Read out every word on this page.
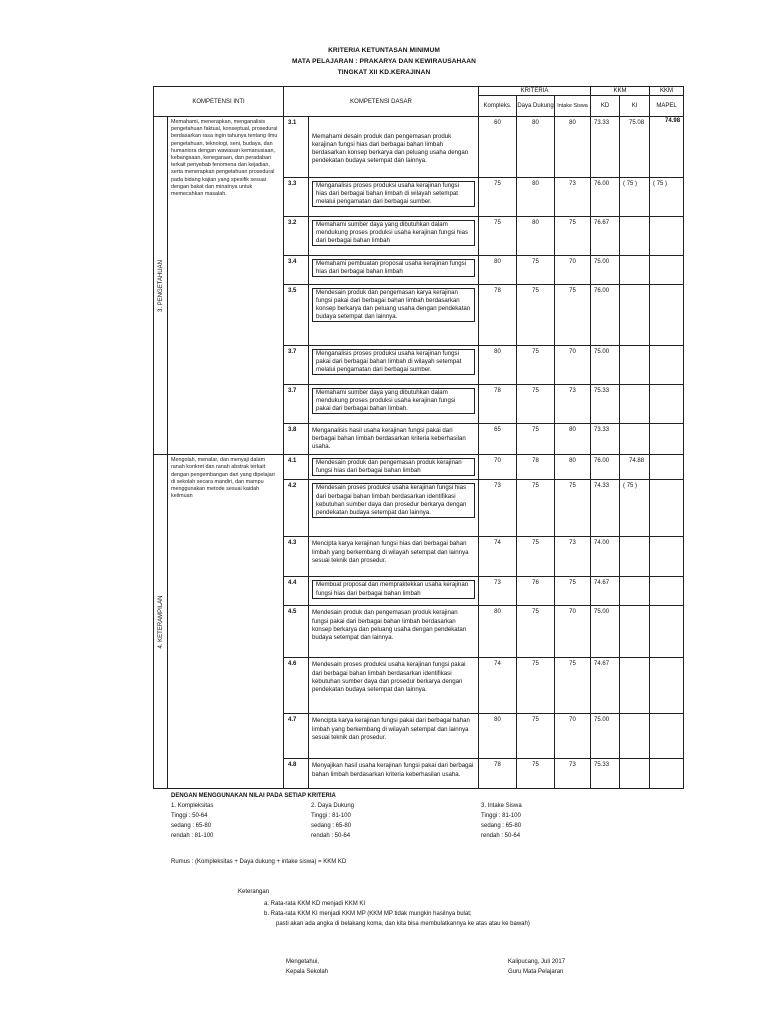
KRITERIA KETUNTASAN MINIMUM
MATA PELAJARAN : PRAKARYA DAN KEWIRAUSAHAAN
TINGKAT XII KD.KERAJINAN
KOMPETENSI INTI		KOMPETENSI DASAR		KRITERIA			KKM		KKM
				Kompleks.	Daya Dukung	Intake Siswa	KD	KI	MAPEL

3. PENGETAHUAN	Memahami, menerapkan, menganalisis pengetahuan faktual, konseptual, prosedural berdasarkan rasa ingin tahunya tentang ilmu pengetahuan, teknologi, seni, budaya, dan humaniora dengan wawasan kemanusiaan, kebangsaan, kenegaraan, dan peradaban terkait penyebab fenomena dan kejadian, serta menerapkan pengetahuan prosedural pada bidang kajian yang spesifik sesuai dengan bakat dan minatnya untuk memecahkan masalah.	3.1	Memahami desain produk dan pengemasan produk kerajinan fungsi hias dari berbagai bahan limbah berdasarkan konsep berkarya dan peluang usaha dengan pendekatan budaya setempat dan lainnya.	60	80	80	73.33	75.08	74.98
		3.3	Menganalisis proses produksi usaha kerajinan fungsi hias dari berbagai bahan limbah di wilayah setempat melalui pengamatan dari berbagai sumber.	75	80	73	76.00	( 75 )	( 75 )
		3.2	Memahami sumber daya yang dibutuhkan dalam mendukung proses produksi usaha kerajinan fungsi hias dari berbagai bahan limbah	75	80	75	76.67		
		3.4	Memahami pembuatan proposal usaha kerajinan fungsi hias dari berbagai bahan limbah	80	75	70	75.00		
		3.5	Mendesain produk dan pengemasan karya kerajinan fungsi pakai dari berbagai bahan limbah berdasarkan konsep berkarya dan peluang usaha dengan pendekatan budaya setempat dan lainnya.	78	75	75	76.00		
		3.7	Menganalisis proses produksi usaha kerajinan fungsi pakai dari berbagai bahan limbah di wilayah setempat melalui pengamatan dari berbagai sumber.	80	75	70	75.00		
		3.7	Memahami sumber daya yang dibutuhkan dalam mendukung proses produksi usaha kerajinan fungsi pakai dari berbagai bahan limbah.	78	75	73	75.33		
		3.8	Menganalisis hasil usaha kerajinan fungsi pakai dari berbagai bahan limbah berdasarkan kriteria keberhasilan usaha.	65	75	80	73.33		

4. KETERAMPILAN	Mengolah, menalar, dan menyaji dalam ranah konkret dan ranah abstrak terkait dengan pengembangan dari yang dipelajari di sekolah secara mandiri, dan mampu menggunakan metode sesuai kaidah keilmuan	4.1	Mendesain produk dan pengemasan produk kerajinan fungsi hias dari berbagai bahan limbah	70	78	80	76.00	74.88	
		4.2	Mendesain proses produksi usaha kerajinan fungsi hias dari berbagai bahan limbah berdasarkan identifikasi kebutuhan sumber daya dan prosedur berkarya dengan pendekatan budaya setempat dan lainnya.	73	75	75	74.33	( 75 )	
		4.3	Mencipta karya kerajinan fungsi hias dari berbagai bahan limbah yang berkembang di wilayah setempat dan lainnya sesuai teknik dan prosedur.	74	75	73	74.00		
		4.4	Membuat proposal dan mempraktekkan usaha kerajinan fungsi hias dari berbagai bahan limbah	73	76	75	74.67		
		4.5	Mendesain produk dan pengemasan produk kerajinan fungsi pakai dari berbagai bahan limbah berdasarkan konsep berkarya dan peluang usaha dengan pendekatan budaya setempat dan lainnya.	80	75	70	75.00		
		4.6	Mendesain proses produksi usaha kerajinan fungsi pakai dari berbagai bahan limbah berdasarkan identifikasi kebutuhan sumber daya dan prosedur berkarya dengan pendekatan budaya setempat dan lainnya.	74	75	75	74.67		
		4.7	Mencipta karya kerajinan fungsi pakai dari berbagai bahan limbah yang berkembang di wilayah setempat dan lainnya sesuai teknik dan prosedur.	80	75	70	75.00		
		4.8	Menyajikan hasil usaha kerajinan fungsi pakai dari berbagai bahan limbah berdasarkan kriteria keberhasilan usaha.	78	75	73	75.33		
DENGAN MENGGUNAKAN NILAI PADA SETIAP KRITERIA
1. Kompleksitas
Tinggi : 50-64
sedang : 65-80
rendah : 81-100
2. Daya Dukung
Tinggi : 81-100
sedang : 65-80
rendah : 50-64
3. Intake Siswa
Tinggi : 81-100
sedang : 65-80
rendah : 50-64
Rumus : (Kompleksitas + Daya dukung + intake siswa) = KKM KD
Keterangan
a. Rata-rata KKM KD menjadi KKM KI
b. Rata-rata KKM KI menjadi KKM MP (KKM MP tidak mungkin hasilnya bulat;
pasti akan ada angka di belakang koma, dan kita bisa membulatkannya ke atas atau ke bawah)
Mengetahui,
Kepala Sekolah
Kalipucang, Juli 2017
Guru Mata Pelajaran
